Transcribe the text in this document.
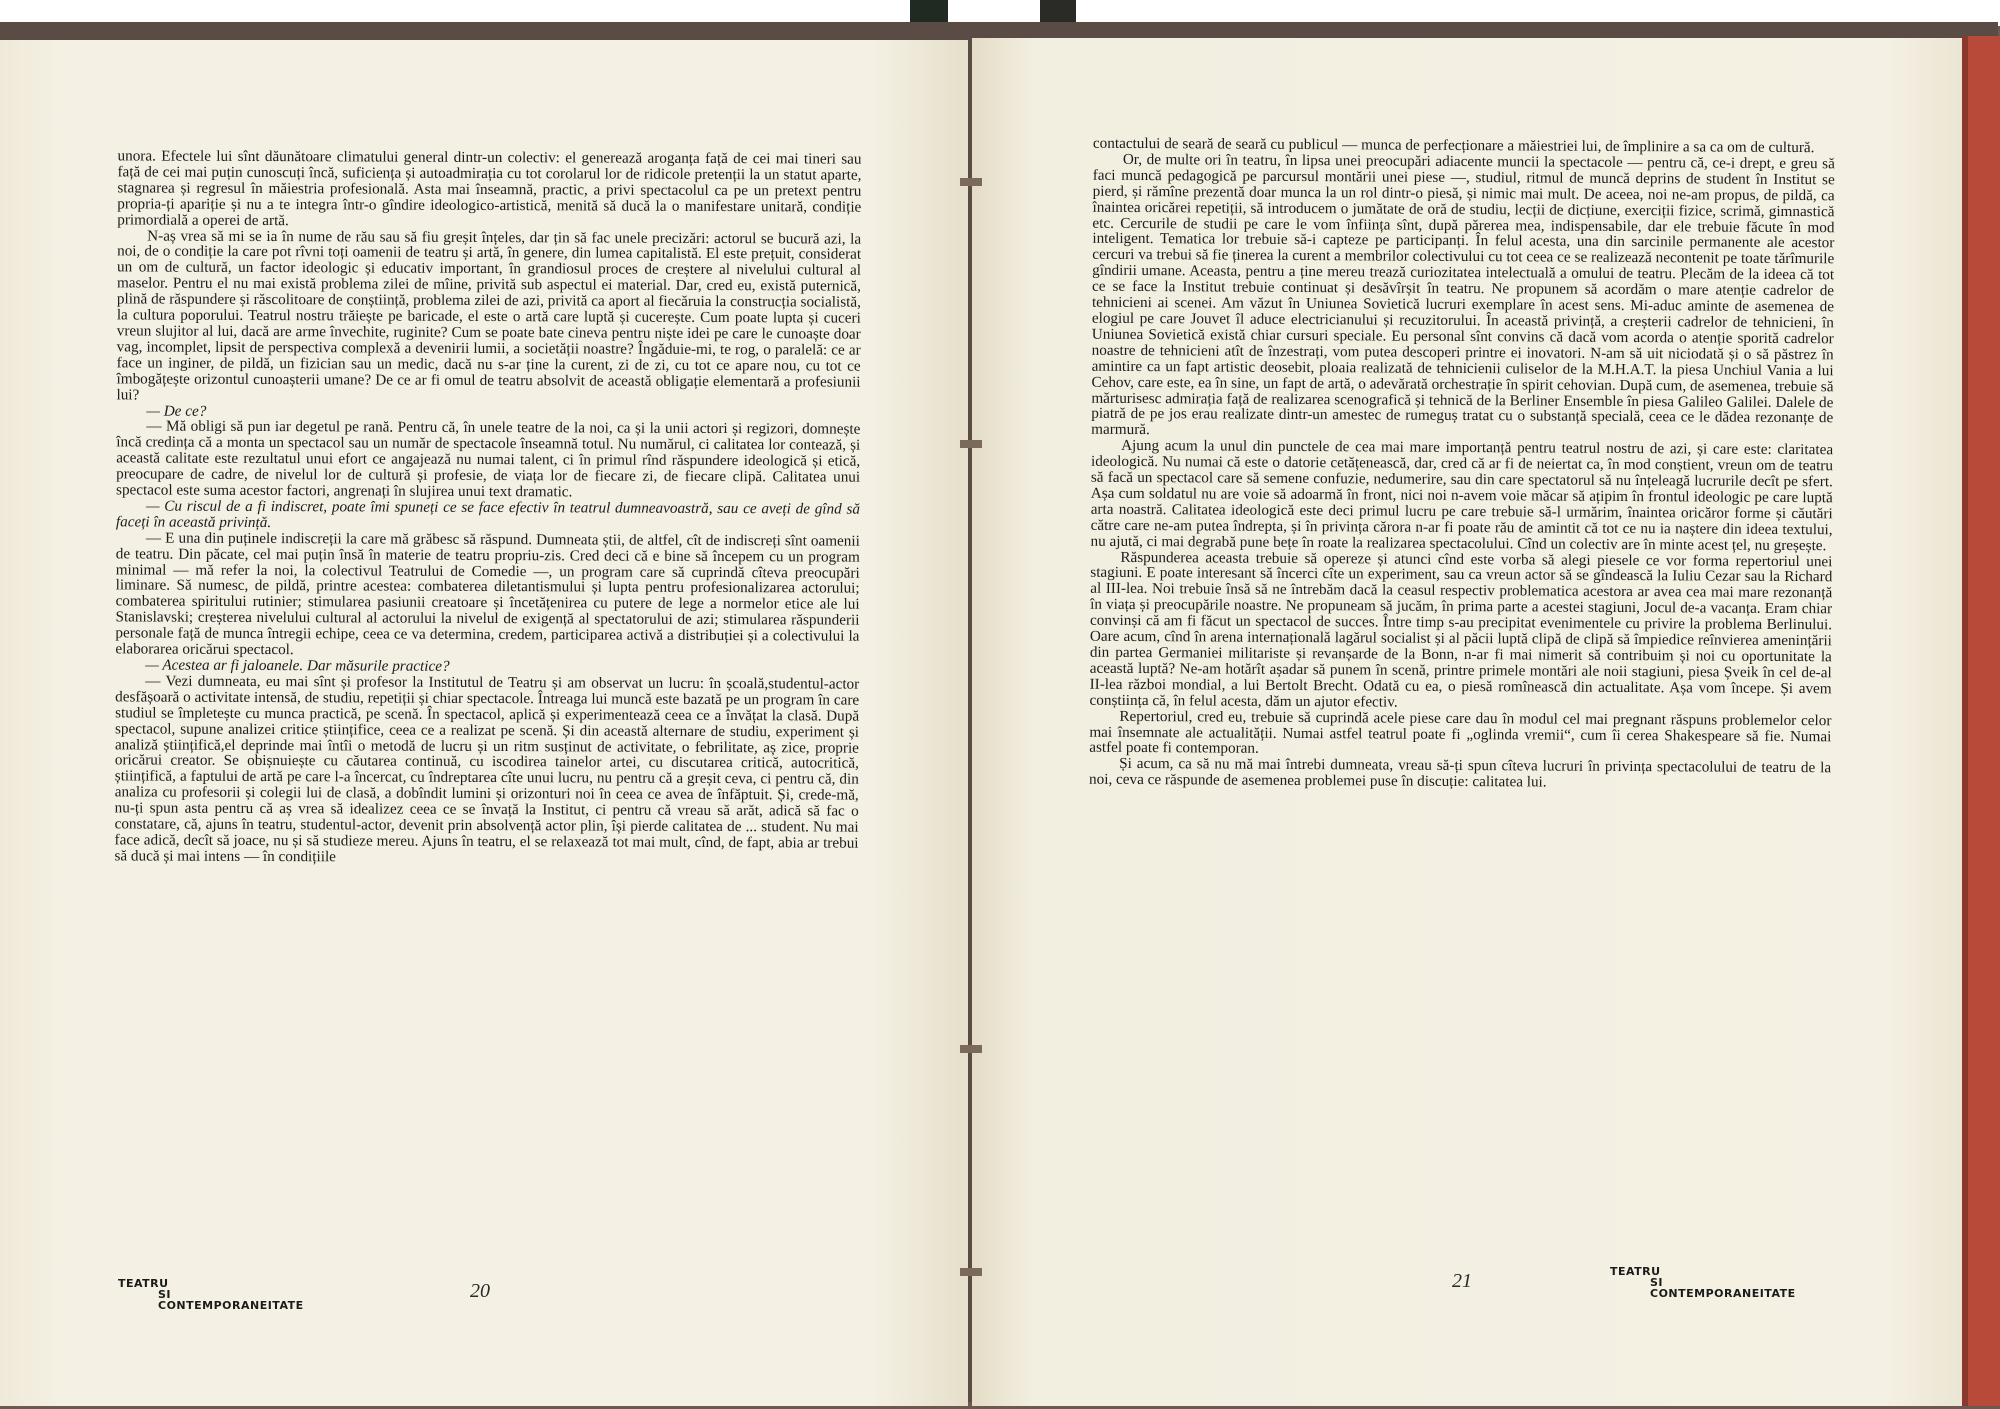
unora. Efectele lui sînt dăunătoare climatului general dintr-un colectiv: el generează aroganța față de cei mai tineri sau față de cei mai puțin cunoscuți încă, suficiența și autoadmirația cu tot corolarul lor de ridicole pretenții la un statut aparte, stagnarea și regresul în măiestria profesională. Asta mai înseamnă, practic, a privi spectacolul ca pe un pretext pentru propria-ți apariție și nu a te integra într-o gîndire ideologico-artistică, menită să ducă la o manifestare unitară, condiție primordială a operei de artă.

N-aș vrea să mi se ia în nume de rău sau să fiu greșit înțeles, dar țin să fac unele precizări: actorul se bucură azi, la noi, de o condiție la care pot rîvni toți oamenii de teatru și artă, în genere, din lumea capitalistă. El este prețuit, considerat un om de cultură, un factor ideologic și educativ important, în grandiosul proces de creștere al nivelului cultural al maselor. Pentru el nu mai există problema zilei de mîine, privită sub aspectul ei material. Dar, cred eu, există puternică, plină de răspundere și răscolitoare de conștiință, problema zilei de azi, privită ca aport al fiecăruia la construcția socialistă, la cultura poporului. Teatrul nostru trăiește pe baricade, el este o artă care luptă și cucerește. Cum poate lupta și cuceri vreun slujitor al lui, dacă are arme învechite, ruginite? Cum se poate bate cineva pentru niște idei pe care le cunoaște doar vag, incomplet, lipsit de perspectiva complexă a devenirii lumii, a societății noastre? Îngăduie-mi, te rog, o paralelă: ce ar face un inginer, de pildă, un fizician sau un medic, dacă nu s-ar ține la curent, zi de zi, cu tot ce apare nou, cu tot ce îmbogățește orizontul cunoașterii umane? De ce ar fi omul de teatru absolvit de această obligație elementară a profesiunii lui?

— De ce?

— Mă obligi să pun iar degetul pe rană. Pentru că, în unele teatre de la noi, ca și la unii actori și regizori, domnește încă credința că a monta un spectacol sau un număr de spectacole înseamnă totul. Nu numărul, ci calitatea lor contează, și această calitate este rezultatul unui efort ce angajează nu numai talent, ci în primul rînd răspundere ideologică și etică, preocupare de cadre, de nivelul lor de cultură și profesie, de viața lor de fiecare zi, de fiecare clipă. Calitatea unui spectacol este suma acestor factori, angrenați în slujirea unui text dramatic.

— Cu riscul de a fi indiscret, poate îmi spuneți ce se face efectiv în teatrul dumneavoastră, sau ce aveți de gînd să faceți în această privință.

— E una din puținele indiscreții la care mă grăbesc să răspund. Dumneata știi, de altfel, cît de indiscreți sînt oamenii de teatru. Din păcate, cel mai puțin însă în materie de teatru propriu-zis. Cred deci că e bine să începem cu un program minimal — mă refer la noi, la colectivul Teatrului de Comedie —, un program care să cuprindă cîteva preocupări liminare. Să numesc, de pildă, printre acestea: combaterea diletantismului și lupta pentru profesionalizarea actorului; combaterea spiritului rutinier; stimularea pasiunii creatoare și încetățenirea cu putere de lege a normelor etice ale lui Stanislavski; creșterea nivelului cultural al actorului la nivelul de exigență al spectatorului de azi; stimularea răspunderii personale față de munca întregii echipe, ceea ce va determina, credem, participarea activă a distribuției și a colectivului la elaborarea oricărui spectacol.

— Acestea ar fi jaloanele. Dar măsurile practice?

— Vezi dumneata, eu mai sînt și profesor la Institutul de Teatru și am observat un lucru: în școală,studentul-actor desfășoară o activitate intensă, de studiu, repetiții și chiar spectacole. Întreaga lui muncă este bazată pe un program în care studiul se împletește cu munca practică, pe scenă. În spectacol, aplică și experimentează ceea ce a învățat la clasă. După spectacol, supune analizei critice științifice, ceea ce a realizat pe scenă. Și din această alternare de studiu, experiment și analiză științifică,el deprinde mai întîi o metodă de lucru și un ritm susținut de activitate, o febrilitate, aș zice, proprie oricărui creator. Se obișnuiește cu căutarea continuă, cu iscodirea tainelor artei, cu discutarea critică, autocritică, științifică, a faptului de artă pe care l-a încercat, cu îndreptarea cîte unui lucru, nu pentru că a greșit ceva, ci pentru că, din analiza cu profesorii și colegii lui de clasă, a dobîndit lumini și orizonturi noi în ceea ce avea de înfăptuit. Și, crede-mă, nu-ți spun asta pentru că aș vrea să idealizez ceea ce se învață la Institut, ci pentru că vreau să arăt, adică să fac o constatare, că, ajuns în teatru, studentul-actor, devenit prin absolvență actor plin, își pierde calitatea de ... student. Nu mai face adică, decît să joace, nu și să studieze mereu. Ajuns în teatru, el se relaxează tot mai mult, cînd, de fapt, abia ar trebui să ducă și mai intens — în condițiile

TEATRU
SI
CONTEMPORANEITATE
20

contactului de seară de seară cu publicul — munca de perfecționare a măiestriei lui, de împlinire a sa ca om de cultură.

Or, de multe ori în teatru, în lipsa unei preocupări adiacente muncii la spectacole — pentru că, ce-i drept, e greu să faci muncă pedagogică pe parcursul montării unei piese —, studiul, ritmul de muncă deprins de student în Institut se pierd, și rămîne prezentă doar munca la un rol dintr-o piesă, și nimic mai mult. De aceea, noi ne-am propus, de pildă, ca înaintea oricărei repetiții, să introducem o jumătate de oră de studiu, lecții de dicțiune, exerciții fizice, scrimă, gimnastică etc. Cercurile de studii pe care le vom înființa sînt, după părerea mea, indispensabile, dar ele trebuie făcute în mod inteligent. Tematica lor trebuie să-i capteze pe participanți. În felul acesta, una din sarcinile permanente ale acestor cercuri va trebui să fie ținerea la curent a membrilor colectivului cu tot ceea ce se realizează necontenit pe toate tărîmurile gîndirii umane. Aceasta, pentru a ține mereu trează curiozitatea intelectuală a omului de teatru. Plecăm de la ideea că tot ce se face la Institut trebuie continuat și desăvîrșit în teatru. Ne propunem să acordăm o mare atenție cadrelor de tehnicieni ai scenei. Am văzut în Uniunea Sovietică lucruri exemplare în acest sens. Mi-aduc aminte de asemenea de elogiul pe care Jouvet îl aduce electricianului și recuzitorului. În această privință, a creșterii cadrelor de tehnicieni, în Uniunea Sovietică există chiar cursuri speciale. Eu personal sînt convins că dacă vom acorda o atenție sporită cadrelor noastre de tehnicieni atît de înzestrați, vom putea descoperi printre ei inovatori. N-am să uit niciodată și o să păstrez în amintire ca un fapt artistic deosebit, ploaia realizată de tehnicienii culiselor de la M.H.A.T. la piesa Unchiul Vania a lui Cehov, care este, ea în sine, un fapt de artă, o adevărată orchestrație în spirit cehovian. După cum, de asemenea, trebuie să mărturisesc admirația față de realizarea scenografică și tehnică de la Berliner Ensemble în piesa Galileo Galilei. Dalele de piatră de pe jos erau realizate dintr-un amestec de rumeguș tratat cu o substanță specială, ceea ce le dădea rezonanțe de marmură.

Ajung acum la unul din punctele de cea mai mare importanță pentru teatrul nostru de azi, și care este: claritatea ideologică. Nu numai că este o datorie cetățenească, dar, cred că ar fi de neiertat ca, în mod conștient, vreun om de teatru să facă un spectacol care să semene confuzie, nedumerire, sau din care spectatorul să nu înțeleagă lucrurile decît pe sfert. Așa cum soldatul nu are voie să adoarmă în front, nici noi n-avem voie măcar să ațipim în frontul ideologic pe care luptă arta noastră. Calitatea ideologică este deci primul lucru pe care trebuie să-l urmărim, înaintea oricăror forme și căutări către care ne-am putea îndrepta, și în privința cărora n-ar fi poate rău de amintit că tot ce nu ia naștere din ideea textului, nu ajută, ci mai degrabă pune bețe în roate la realizarea spectacolului. Cînd un colectiv are în minte acest țel, nu greșește.

Răspunderea aceasta trebuie să opereze și atunci cînd este vorba să alegi piesele ce vor forma repertoriul unei stagiuni. E poate interesant să încerci cîte un experiment, sau ca vreun actor să se gîndească la Iuliu Cezar sau la Richard al III-lea. Noi trebuie însă să ne întrebăm dacă la ceasul respectiv problematica acestora ar avea cea mai mare rezonanță în viața și preocupările noastre. Ne propuneam să jucăm, în prima parte a acestei stagiuni, Jocul de-a vacanța. Eram chiar convinși că am fi făcut un spectacol de succes. Între timp s-au precipitat evenimentele cu privire la problema Berlinului. Oare acum, cînd în arena internațională lagărul socialist și al păcii luptă clipă de clipă să împiedice reînvierea amenințării din partea Germaniei militariste și revanșarde de la Bonn, n-ar fi mai nimerit să contribuim și noi cu oportunitate la această luptă? Ne-am hotărît așadar să punem în scenă, printre primele montări ale noii stagiuni, piesa Șveik în cel de-al II-lea război mondial, a lui Bertolt Brecht. Odată cu ea, o piesă romînească din actualitate. Așa vom începe. Și avem conștiința că, în felul acesta, dăm un ajutor efectiv.

Repertoriul, cred eu, trebuie să cuprindă acele piese care dau în modul cel mai pregnant răspuns problemelor celor mai însemnate ale actualității. Numai astfel teatrul poate fi „oglinda vremii“, cum îi cerea Shakespeare să fie. Numai astfel poate fi contemporan.

Și acum, ca să nu mă mai întrebi dumneata, vreau să-ți spun cîteva lucruri în privința spectacolului de teatru de la noi, ceva ce răspunde de asemenea problemei puse în discuție: calitatea lui.

21	TEATRU
SI
CONTEMPORANEITATE
